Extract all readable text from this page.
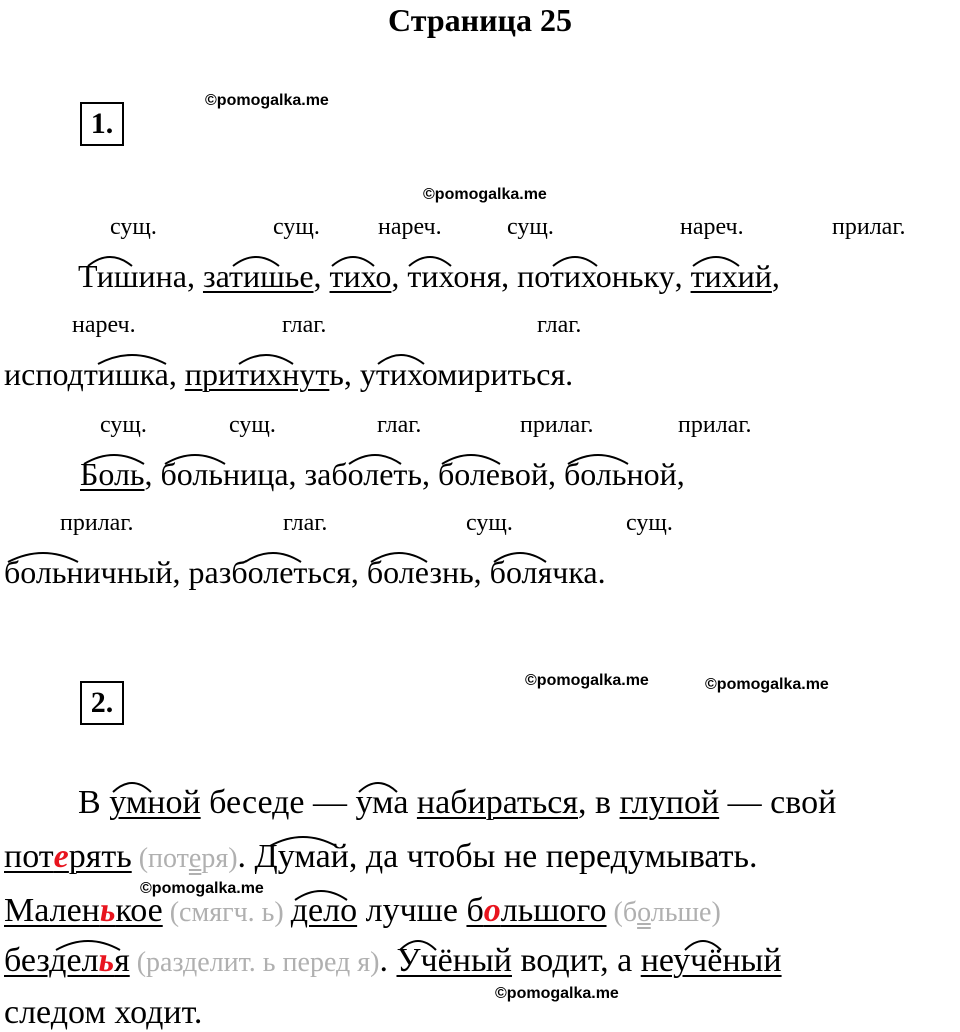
Страница 25
1.
©pomogalka.me
©pomogalka.me
сущ.	сущ. нареч.	сущ.	нареч.	прилаг.
Тишина,
затишье,
тихо,
тихоня,
потихоньку,
тихий,
нареч.	глаг.	глаг.
исподтишка,
притихнуть,
утихомириться.
сущ.	сущ.	глаг.	прилаг.	прилаг.
Боль,
больница,
заболеть,
болевой,
больной,
прилаг.	глаг.	сущ.	сущ.
больничный,
разболеться,
болезнь,
болячка.
2.
©pomogalka.me	©pomogalka.me
В
умной беседе —
ума набираться, в глупой — свой
потерять (потеря)
. Думай, да чтобы не передумывать.
©pomogalka.me
Маленькое (смягч. ь)
дело лучше большого (больше)
безделья (разделит. ь перед я).
Учёный водит, а
неучёный
©pomogalka.me
следом ходит.
